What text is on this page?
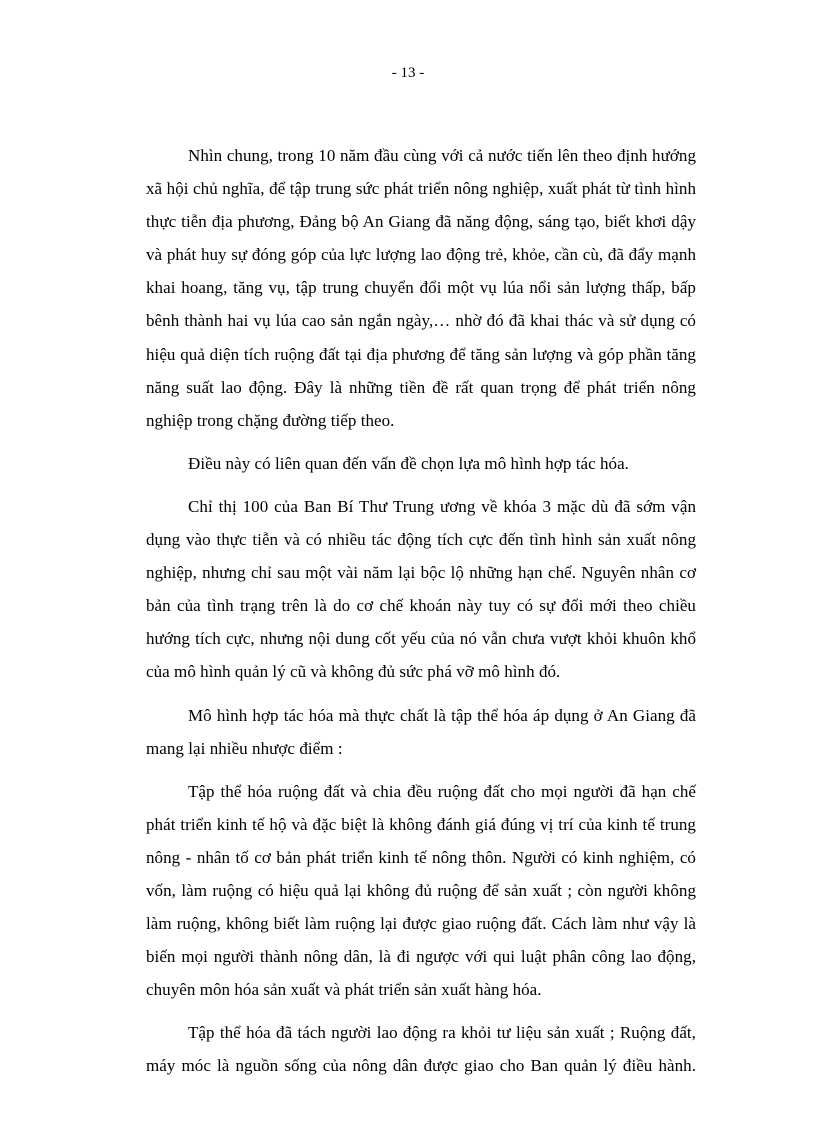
- 13 -

Nhìn chung, trong 10 năm đầu cùng với cả nước tiến lên theo định hướng xã hội chủ nghĩa, để tập trung sức phát triển nông nghiệp, xuất phát từ tình hình thực tiễn địa phương, Đảng bộ An Giang đã năng động, sáng tạo, biết khơi dậy và phát huy sự đóng góp của lực lượng lao động trẻ, khỏe, cần cù, đã đẩy mạnh khai hoang, tăng vụ, tập trung chuyển đổi một vụ lúa nổi sản lượng thấp, bấp bênh thành hai vụ lúa cao sản ngắn ngày,… nhờ đó đã khai thác và sử dụng có hiệu quả diện tích ruộng đất tại địa phương để tăng sản lượng và góp phần tăng năng suất lao động. Đây là những tiền đề rất quan trọng để phát triển nông nghiệp trong chặng đường tiếp theo.

Điều này có liên quan đến vấn đề chọn lựa mô hình hợp tác hóa.

Chỉ thị 100 của Ban Bí Thư Trung ương về khóa 3 mặc dù đã sớm vận dụng vào thực tiễn và có nhiều tác động tích cực đến tình hình sản xuất nông nghiệp, nhưng chỉ sau một vài năm lại bộc lộ những hạn chế. Nguyên nhân cơ bản của tình trạng trên là do cơ chế khoán này tuy có sự đổi mới theo chiều hướng tích cực, nhưng nội dung cốt yếu của nó vẫn chưa vượt khỏi khuôn khổ của mô hình quản lý cũ và không đủ sức phá vỡ mô hình đó.

Mô hình hợp tác hóa mà thực chất là tập thể hóa áp dụng ở An Giang đã mang lại nhiều nhược điểm :

Tập thể hóa ruộng đất và chia đều ruộng đất cho mọi người đã hạn chế phát triển kinh tế hộ và đặc biệt là không đánh giá đúng vị trí của kinh tế trung nông - nhân tố cơ bản phát triển kinh tế nông thôn. Người có kinh nghiệm, có vốn, làm ruộng có hiệu quả lại không đủ ruộng để sản xuất ; còn người không làm ruộng, không biết làm ruộng lại được giao ruộng đất. Cách làm như vậy là biến mọi người thành nông dân, là đi ngược với qui luật phân công lao động, chuyên môn hóa sản xuất và phát triển sản xuất hàng hóa.

Tập thể hóa đã tách người lao động ra khỏi tư liệu sản xuất ; Ruộng đất, máy móc là nguồn sống của nông dân được giao cho Ban quản lý điều hành.
